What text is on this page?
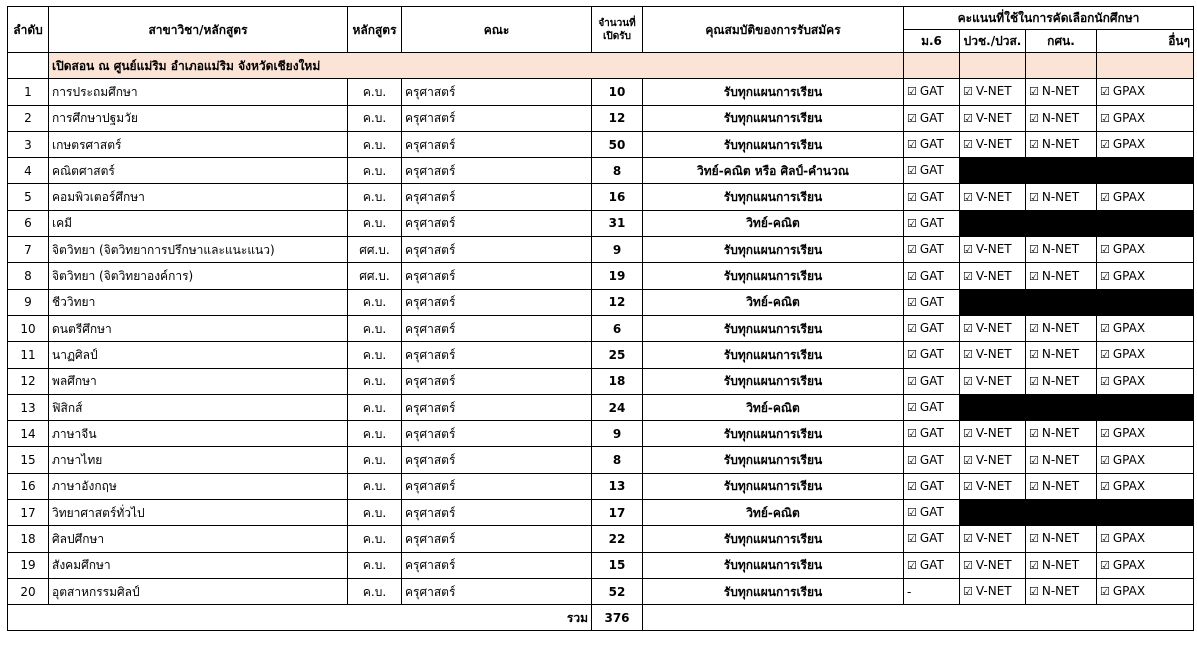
ลำดับ	สาขาวิชา/หลักสูตร	หลักสูตร	คณะ	จำนวนที่
เปิดรับ	คุณสมบัติของการรับสมัคร	คะแนนที่ใช้ในการคัดเลือกนักศึกษา			
						ม.6	ปวช./ปวส.	กศน.	อื่นๆ
	เปิดสอน ณ ศูนย์แม่ริม อำเภอแม่ริม จังหวัดเชียงใหม่								
1	การประถมศึกษา	ค.บ.	ครุศาสตร์	10	รับทุกแผนการเรียน	☑ GAT	☑ V-NET	☑ N-NET	☑ GPAX
2	การศึกษาปฐมวัย	ค.บ.	ครุศาสตร์	12	รับทุกแผนการเรียน	☑ GAT	☑ V-NET	☑ N-NET	☑ GPAX
3	เกษตรศาสตร์	ค.บ.	ครุศาสตร์	50	รับทุกแผนการเรียน	☑ GAT	☑ V-NET	☑ N-NET	☑ GPAX
4	คณิตศาสตร์	ค.บ.	ครุศาสตร์	8	วิทย์-คณิต หรือ ศิลป์-คำนวณ	☑ GAT			
5	คอมพิวเตอร์ศึกษา	ค.บ.	ครุศาสตร์	16	รับทุกแผนการเรียน	☑ GAT	☑ V-NET	☑ N-NET	☑ GPAX
6	เคมี	ค.บ.	ครุศาสตร์	31	วิทย์-คณิต	☑ GAT			
7	จิตวิทยา (จิตวิทยาการปรึกษาและแนะแนว)	ศศ.บ.	ครุศาสตร์	9	รับทุกแผนการเรียน	☑ GAT	☑ V-NET	☑ N-NET	☑ GPAX
8	จิตวิทยา (จิตวิทยาองค์การ)	ศศ.บ.	ครุศาสตร์	19	รับทุกแผนการเรียน	☑ GAT	☑ V-NET	☑ N-NET	☑ GPAX
9	ชีววิทยา	ค.บ.	ครุศาสตร์	12	วิทย์-คณิต	☑ GAT			
10	ดนตรีศึกษา	ค.บ.	ครุศาสตร์	6	รับทุกแผนการเรียน	☑ GAT	☑ V-NET	☑ N-NET	☑ GPAX
11	นาฏศิลป์	ค.บ.	ครุศาสตร์	25	รับทุกแผนการเรียน	☑ GAT	☑ V-NET	☑ N-NET	☑ GPAX
12	พลศึกษา	ค.บ.	ครุศาสตร์	18	รับทุกแผนการเรียน	☑ GAT	☑ V-NET	☑ N-NET	☑ GPAX
13	ฟิสิกส์	ค.บ.	ครุศาสตร์	24	วิทย์-คณิต	☑ GAT			
14	ภาษาจีน	ค.บ.	ครุศาสตร์	9	รับทุกแผนการเรียน	☑ GAT	☑ V-NET	☑ N-NET	☑ GPAX
15	ภาษาไทย	ค.บ.	ครุศาสตร์	8	รับทุกแผนการเรียน	☑ GAT	☑ V-NET	☑ N-NET	☑ GPAX
16	ภาษาอังกฤษ	ค.บ.	ครุศาสตร์	13	รับทุกแผนการเรียน	☑ GAT	☑ V-NET	☑ N-NET	☑ GPAX
17	วิทยาศาสตร์ทั่วไป	ค.บ.	ครุศาสตร์	17	วิทย์-คณิต	☑ GAT			
18	ศิลปศึกษา	ค.บ.	ครุศาสตร์	22	รับทุกแผนการเรียน	☑ GAT	☑ V-NET	☑ N-NET	☑ GPAX
19	สังคมศึกษา	ค.บ.	ครุศาสตร์	15	รับทุกแผนการเรียน	☑ GAT	☑ V-NET	☑ N-NET	☑ GPAX
20	อุตสาหกรรมศิลป์	ค.บ.	ครุศาสตร์	52	รับทุกแผนการเรียน	-	☑ V-NET	☑ N-NET	☑ GPAX
รวม				376					
